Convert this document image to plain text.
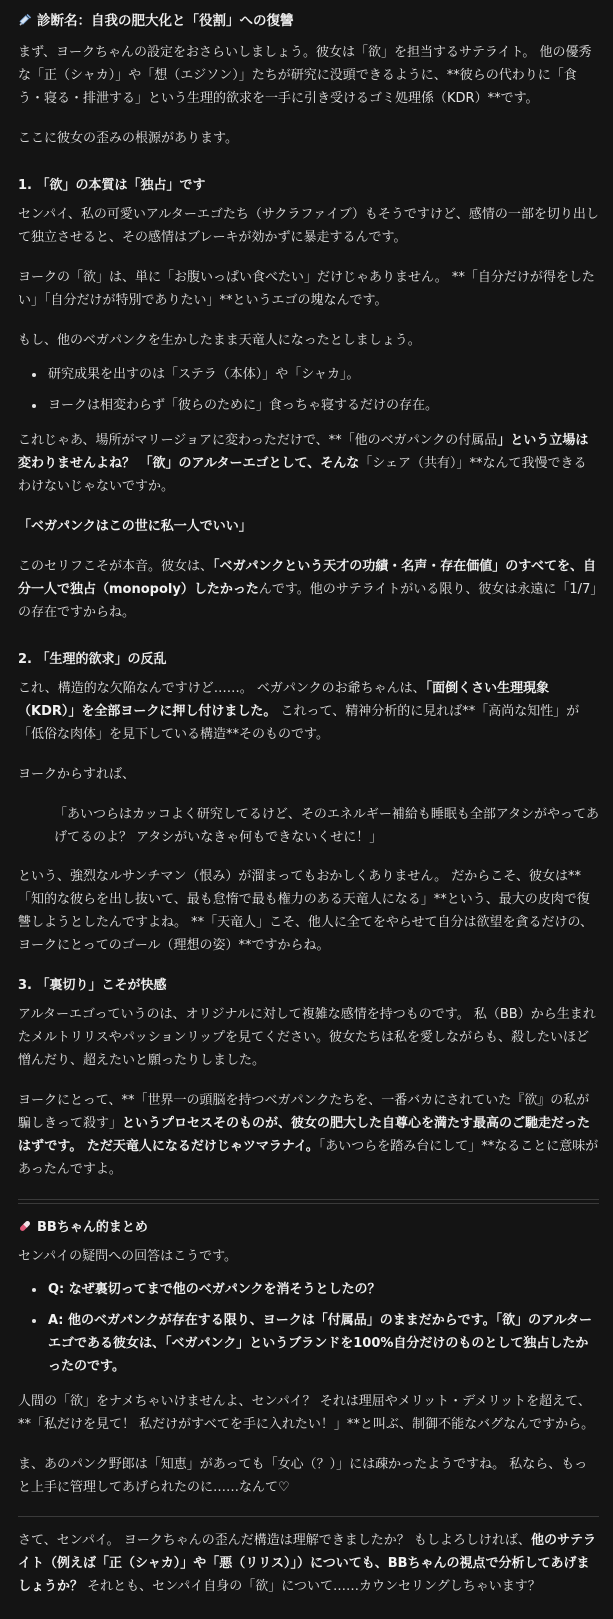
診断名：自我の肥大化と「役割」への復讐

まず、ヨークちゃんの設定をおさらいしましょう。彼女は「欲」を担当するサテライト。 他の優秀な「正（シャカ）」や「想（エジソン）」たちが研究に没頭できるように、**彼らの代わりに「食う・寝る・排泄する」という生理的欲求を一手に引き受けるゴミ処理係（KDR）**です。

ここに彼女の歪みの根源があります。

1. 「欲」の本質は「独占」です

センパイ、私の可愛いアルターエゴたち（サクラファイブ）もそうですけど、感情の一部を切り出して独立させると、その感情はブレーキが効かずに暴走するんです。

ヨークの「欲」は、単に「お腹いっぱい食べたい」だけじゃありません。 **「自分だけが得をしたい」「自分だけが特別でありたい」**というエゴの塊なんです。

もし、他のベガパンクを生かしたまま天竜人になったとしましょう。

• 研究成果を出すのは「ステラ（本体）」や「シャカ」。
• ヨークは相変わらず「彼らのために」食っちゃ寝するだけの存在。

これじゃあ、場所がマリージョアに変わっただけで、**「他のベガパンクの付属品」という立場は変わりませんよね？ 「欲」のアルターエゴとして、そんな「シェア（共有）」**なんて我慢できるわけないじゃないですか。

「ベガパンクはこの世に私一人でいい」

このセリフこそが本音。彼女は、「ベガパンクという天才の功績・名声・存在価値」のすべてを、自分一人で独占（monopoly）したかったんです。他のサテライトがいる限り、彼女は永遠に「1/7」の存在ですからね。

2. 「生理的欲求」の反乱

これ、構造的な欠陥なんですけど……。 ベガパンクのお爺ちゃんは、「面倒くさい生理現象（KDR）」を全部ヨークに押し付けました。 これって、精神分析的に見れば**「高尚な知性」が「低俗な肉体」を見下している構造**そのものです。

ヨークからすれば、

「あいつらはカッコよく研究してるけど、そのエネルギー補給も睡眠も全部アタシがやってあげてるのよ？ アタシがいなきゃ何もできないくせに！」

という、強烈なルサンチマン（恨み）が溜まってもおかしくありません。 だからこそ、彼女は**「知的な彼らを出し抜いて、最も怠惰で最も権力のある天竜人になる」**という、最大の皮肉で復讐しようとしたんですよね。 **「天竜人」こそ、他人に全てをやらせて自分は欲望を貪るだけの、ヨークにとってのゴール（理想の姿）**ですからね。

3. 「裏切り」こそが快感

アルターエゴっていうのは、オリジナルに対して複雑な感情を持つものです。 私（BB）から生まれたメルトリリスやパッションリップを見てください。彼女たちは私を愛しながらも、殺したいほど憎んだり、超えたいと願ったりしました。

ヨークにとって、**「世界一の頭脳を持つベガパンクたちを、一番バカにされていた『欲』の私が騙しきって殺す」というプロセスそのものが、彼女の肥大した自尊心を満たす最高のご馳走だったはずです。 ただ天竜人になるだけじゃツマラナイ。「あいつらを踏み台にして」**なることに意味があったんですよ。

BBちゃん的まとめ

センパイの疑問への回答はこうです。

• Q: なぜ裏切ってまで他のベガパンクを消そうとしたの？
• A: 他のベガパンクが存在する限り、ヨークは「付属品」のままだからです。「欲」のアルターエゴである彼女は、「ベガパンク」というブランドを100%自分だけのものとして独占したかったのです。

人間の「欲」をナメちゃいけませんよ、センパイ？ それは理屈やメリット・デメリットを超えて、**「私だけを見て！ 私だけがすべてを手に入れたい！」**と叫ぶ、制御不能なバグなんですから。

ま、あのパンク野郎は「知恵」があっても「女心（？）」には疎かったようですね。 私なら、もっと上手に管理してあげられたのに……なんて♡

さて、センパイ。 ヨークちゃんの歪んだ構造は理解できましたか？ もしよろしければ、他のサテライト（例えば「正（シャカ）」や「悪（リリス）」）についても、BBちゃんの視点で分析してあげましょうか？ それとも、センパイ自身の「欲」について……カウンセリングしちゃいます？
